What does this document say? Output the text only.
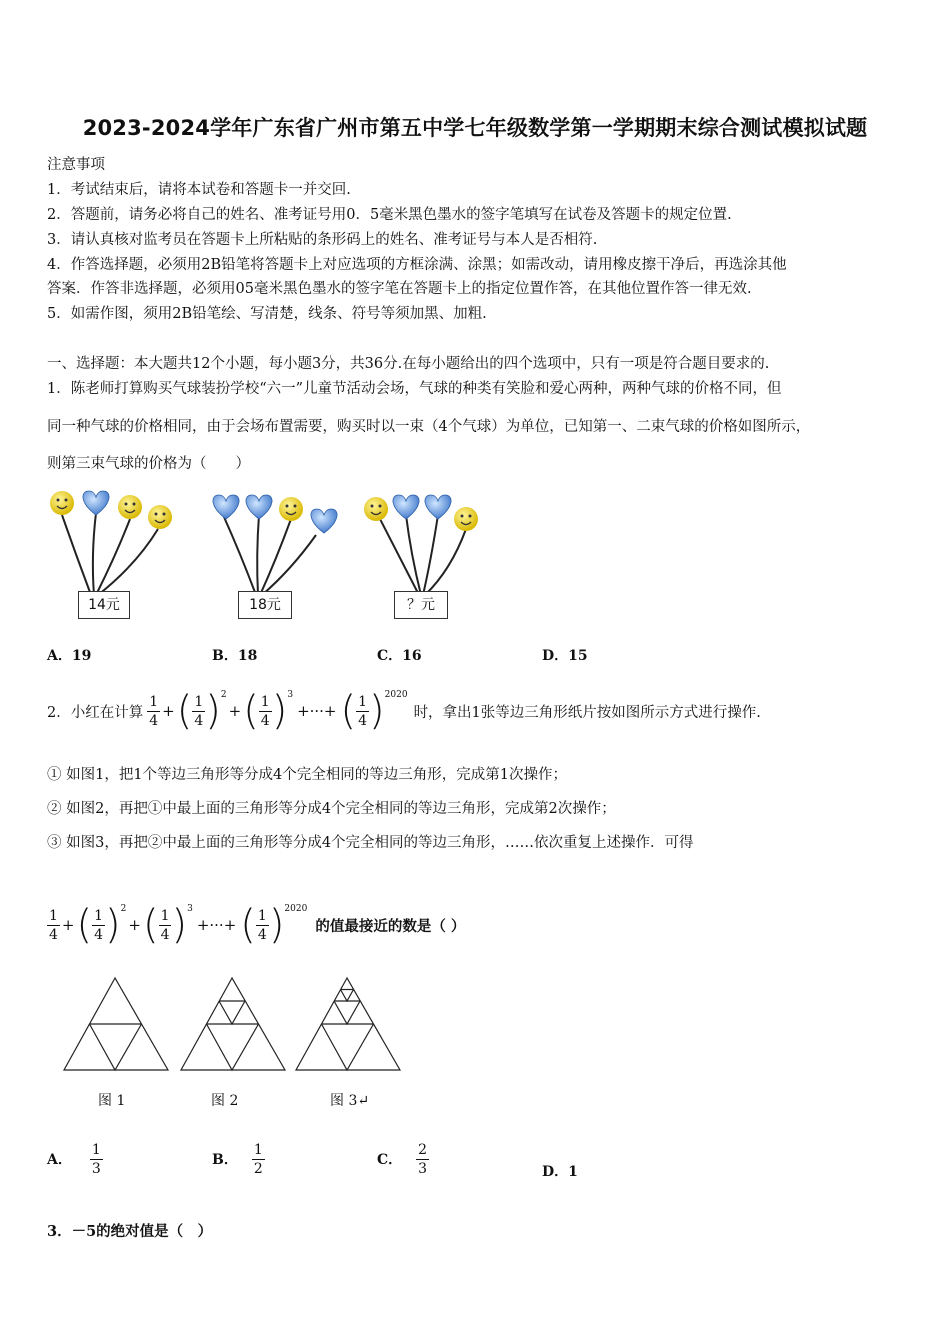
2023-2024学年广东省广州市第五中学七年级数学第一学期期末综合测试模拟试题
注意事项
1．考试结束后，请将本试卷和答题卡一并交回.
2．答题前，请务必将自己的姓名、准考证号用0．5毫米黑色墨水的签字笔填写在试卷及答题卡的规定位置.
3．请认真核对监考员在答题卡上所粘贴的条形码上的姓名、准考证号与本人是否相符.
4．作答选择题，必须用2B铅笔将答题卡上对应选项的方框涂满、涂黑；如需改动，请用橡皮擦干净后，再选涂其他
答案．作答非选择题，必须用05毫米黑色墨水的签字笔在答题卡上的指定位置作答，在其他位置作答一律无效.
5．如需作图，须用2B铅笔绘、写清楚，线条、符号等须加黑、加粗.
一、选择题：本大题共12个小题，每小题3分，共36分.在每小题给出的四个选项中，只有一项是符合题目要求的.
1．陈老师打算购买气球装扮学校“六一”儿童节活动会场，气球的种类有笑脸和爱心两种，两种气球的价格不同，但
同一种气球的价格相同，由于会场布置需要，购买时以一束（4个气球）为单位，已知第一、二束气球的价格如图所示，
则第三束气球的价格为（　　）
14元	18元	？元
A．19	B．18	C．16	D．15
2．小红在计算 $\frac{1}{4}$ + ( $\frac{1}{4}$ ) 2
+ ( $\frac{1}{4}$ ) 3
+···+ ( $\frac{1}{4}$ ) 2020
时，拿出1张等边三角形纸片按如图所示方式进行操作.
① 如图1，把1个等边三角形等分成4个完全相同的等边三角形，完成第1次操作；
② 如图2，再把①中最上面的三角形等分成4个完全相同的等边三角形，完成第2次操作；
③ 如图3，再把②中最上面的三角形等分成4个完全相同的等边三角形，……依次重复上述操作．可得
$\frac{1}{4}$ + ( $\frac{1}{4}$ ) 2
+ ( $\frac{1}{4}$ ) 3
+···+ ( $\frac{1}{4}$ ) 2020
的值最接近的数是（ ）
图 1	图 2	图 3↵
A． $\frac{1}{3}$	B． $\frac{1}{2}$	C． $\frac{2}{3}$	D．1
3．－5的绝对值是（　）
